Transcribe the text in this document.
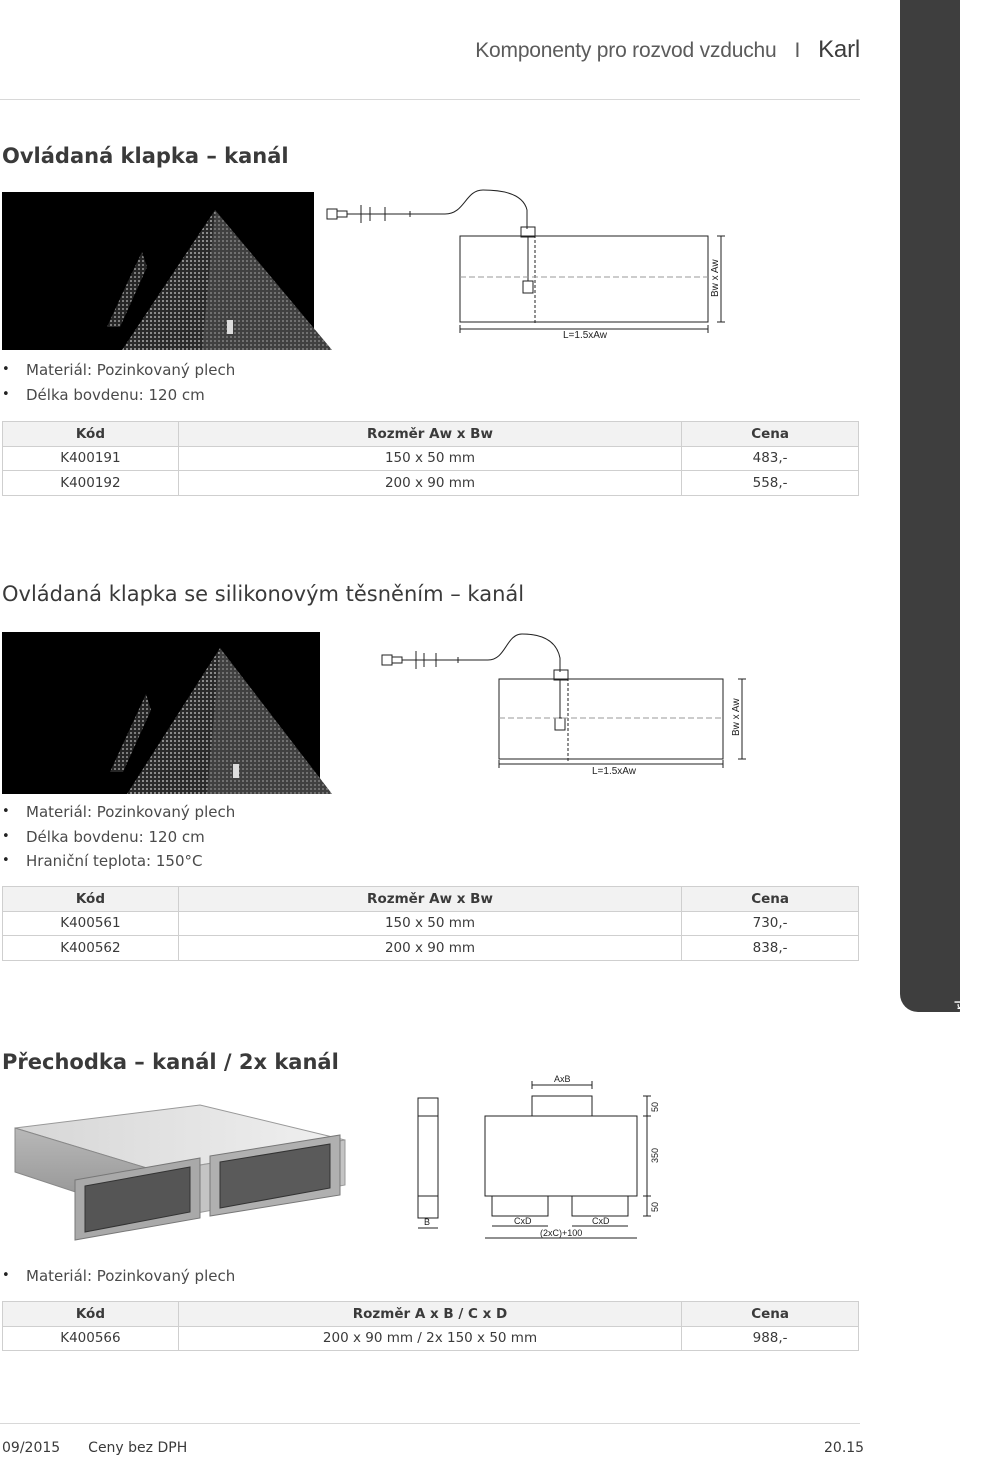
Komponenty pro rozvod vzduchu I Karl
20 Karl – vzduchotechnika
Ovládaná klapka – kanál
L=1.5xAw
Bw x Aw
• Materiál: Pozinkovaný plech
• Délka bovdenu: 120 cm
Kód	Rozměr Aw x Bw	Cena
K400191	150 x 50 mm	483,-
K400192	200 x 90 mm	558,-
Ovládaná klapka se silikonovým těsněním – kanál
L=1.5xAw
Bw x Aw
• Materiál: Pozinkovaný plech
• Délka bovdenu: 120 cm
• Hraniční teplota: 150°C
Kód	Rozměr Aw x Bw	Cena
K400561	150 x 50 mm	730,-
K400562	200 x 90 mm	838,-
Přechodka – kanál / 2x kanál
AxB
B	CxD	CxD
(2xC)+100
50
350
50
• Materiál: Pozinkovaný plech
Kód	Rozměr A x B / C x D	Cena
K400566	200 x 90 mm / 2x 150 x 50 mm	988,-
09/2015 Ceny bez DPH	20.15
